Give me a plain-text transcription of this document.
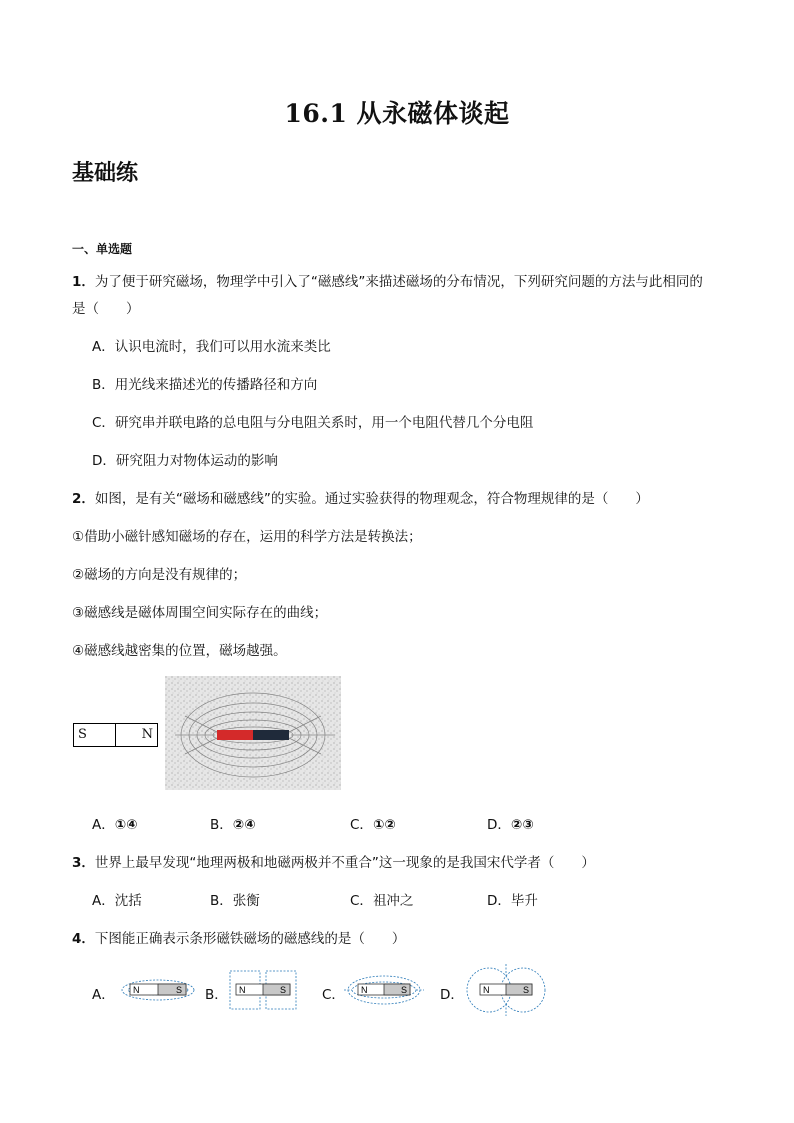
16.1 从永磁体谈起
基础练
一、单选题
1．为了便于研究磁场，物理学中引入了“磁感线”来描述磁场的分布情况，下列研究问题的方法与此相同的
是（　　）
A．认识电流时，我们可以用水流来类比
B．用光线来描述光的传播路径和方向
C．研究串并联电路的总电阻与分电阻关系时，用一个电阻代替几个分电阻
D．研究阻力对物体运动的影响
2．如图，是有关“磁场和磁感线”的实验。通过实验获得的物理观念，符合物理规律的是（　　）
①借助小磁针感知磁场的存在，运用的科学方法是转换法；
②磁场的方向是没有规律的；
③磁感线是磁体周围空间实际存在的曲线；
④磁感线越密集的位置，磁场越强。
S	N
A．①④	B．②④	C．①②	D．②③
3．世界上最早发现“地理两极和地磁两极并不重合”这一现象的是我国宋代学者（　　）
A．沈括	B．张衡	C．祖冲之	D．毕升
4．下图能正确表示条形磁铁磁场的磁感线的是（　　）
A． N	S B． N	S	C． N	S D． N	S
